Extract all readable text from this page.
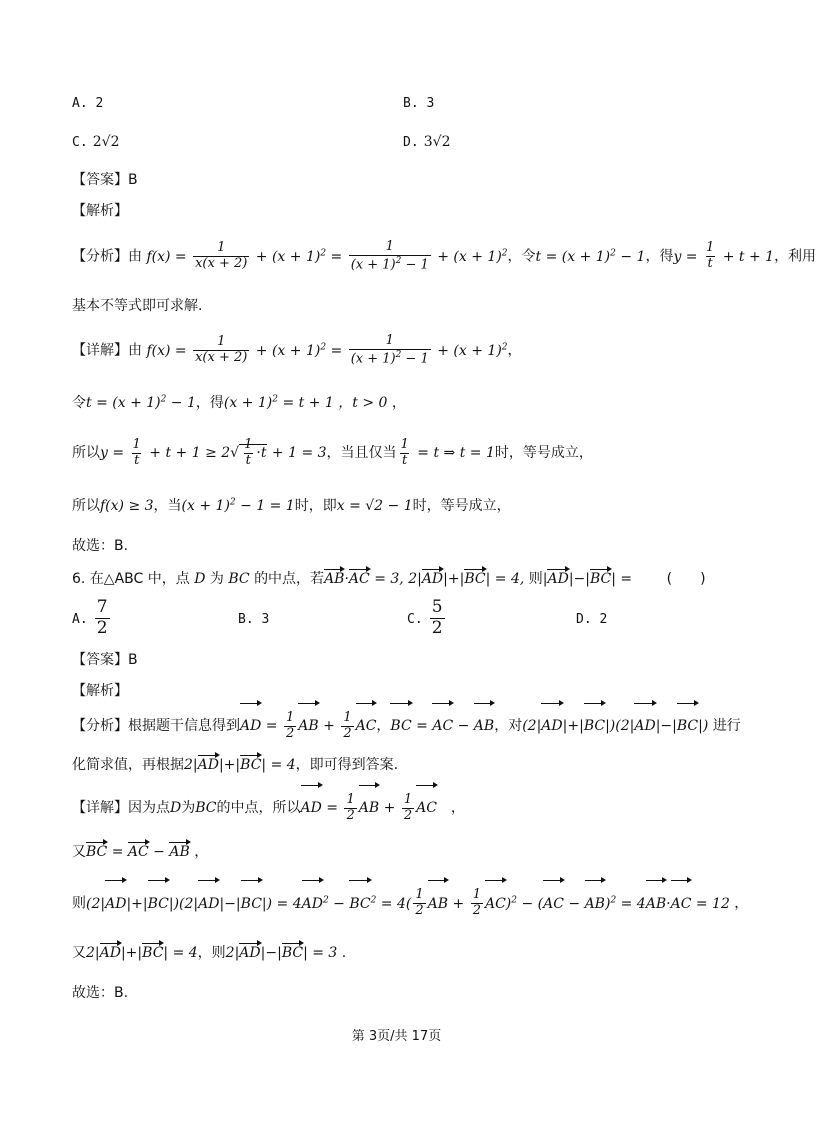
A. 2	B. 3
C. 2√2	D. 3√2
【答案】B
【解析】
【分析】由 $f(x) = \frac{1}{x(x + 2)} + (x + 1)^2 = \frac{1}{(x + 1)^2 - 1} + (x + 1)^2$，令$t = (x + 1)^2 - 1$，得$y = \frac{1}{t} + t + 1$，利用
基本不等式即可求解.
【详解】由 $f(x) = \frac{1}{x(x + 2)} + (x + 1)^2 = \frac{1}{(x + 1)^2 - 1} + (x + 1)^2$，
令$t = (x + 1)^2 - 1$，得$(x + 1)^2 = t + 1$ ，t > 0 ，
所以$y = \frac{1}{t} + t + 1 \ge 2√ \frac{1}{t} \cdot t + 1 = 3$，当且仅当 $\frac{1}{t} = t$ ⇒ t = 1时，等号成立，
所以f(x) ≥ 3，当$(x + 1)^2 - 1 = 1$时，即x = √2 − 1时，等号成立，
故选：B.
6. 在△ABC 中，点 D 为 BC 的中点，若AB·AC = 3, 2|AD|+|BC| = 4, 则|AD|−|BC| = (　　)
A. $\frac{7}{2}$	B. 3	C. $\frac{5}{2}$	D. 2
【答案】B
【解析】
【分析】根据题干信息得到AD = $\frac{1}{2}$ AB + $\frac{1}{2}$ AC，BC = AC − AB，对(2|AD|+|BC|)(2|AD|−|BC|) 进行
化简求值，再根据2|AD|+|BC| = 4，即可得到答案.
【详解】因为点D为BC的中点，所以AD = $\frac{1}{2}$ AB + $\frac{1}{2}$ AC　 ，
又BC = AC − AB ，
则$(2|AD|+|BC|)(2|AD|-|BC|) = 4AD^2 - BC^2 = 4( \frac{1}{2}$ AB + $\frac{1}{2} AC)^2 - (AC - AB)^2 = 4AB\cdot AC = 12$ ，
又2|AD|+|BC| = 4，则2|AD|−|BC| = 3 .
故选：B.
第 3页/共 17页
